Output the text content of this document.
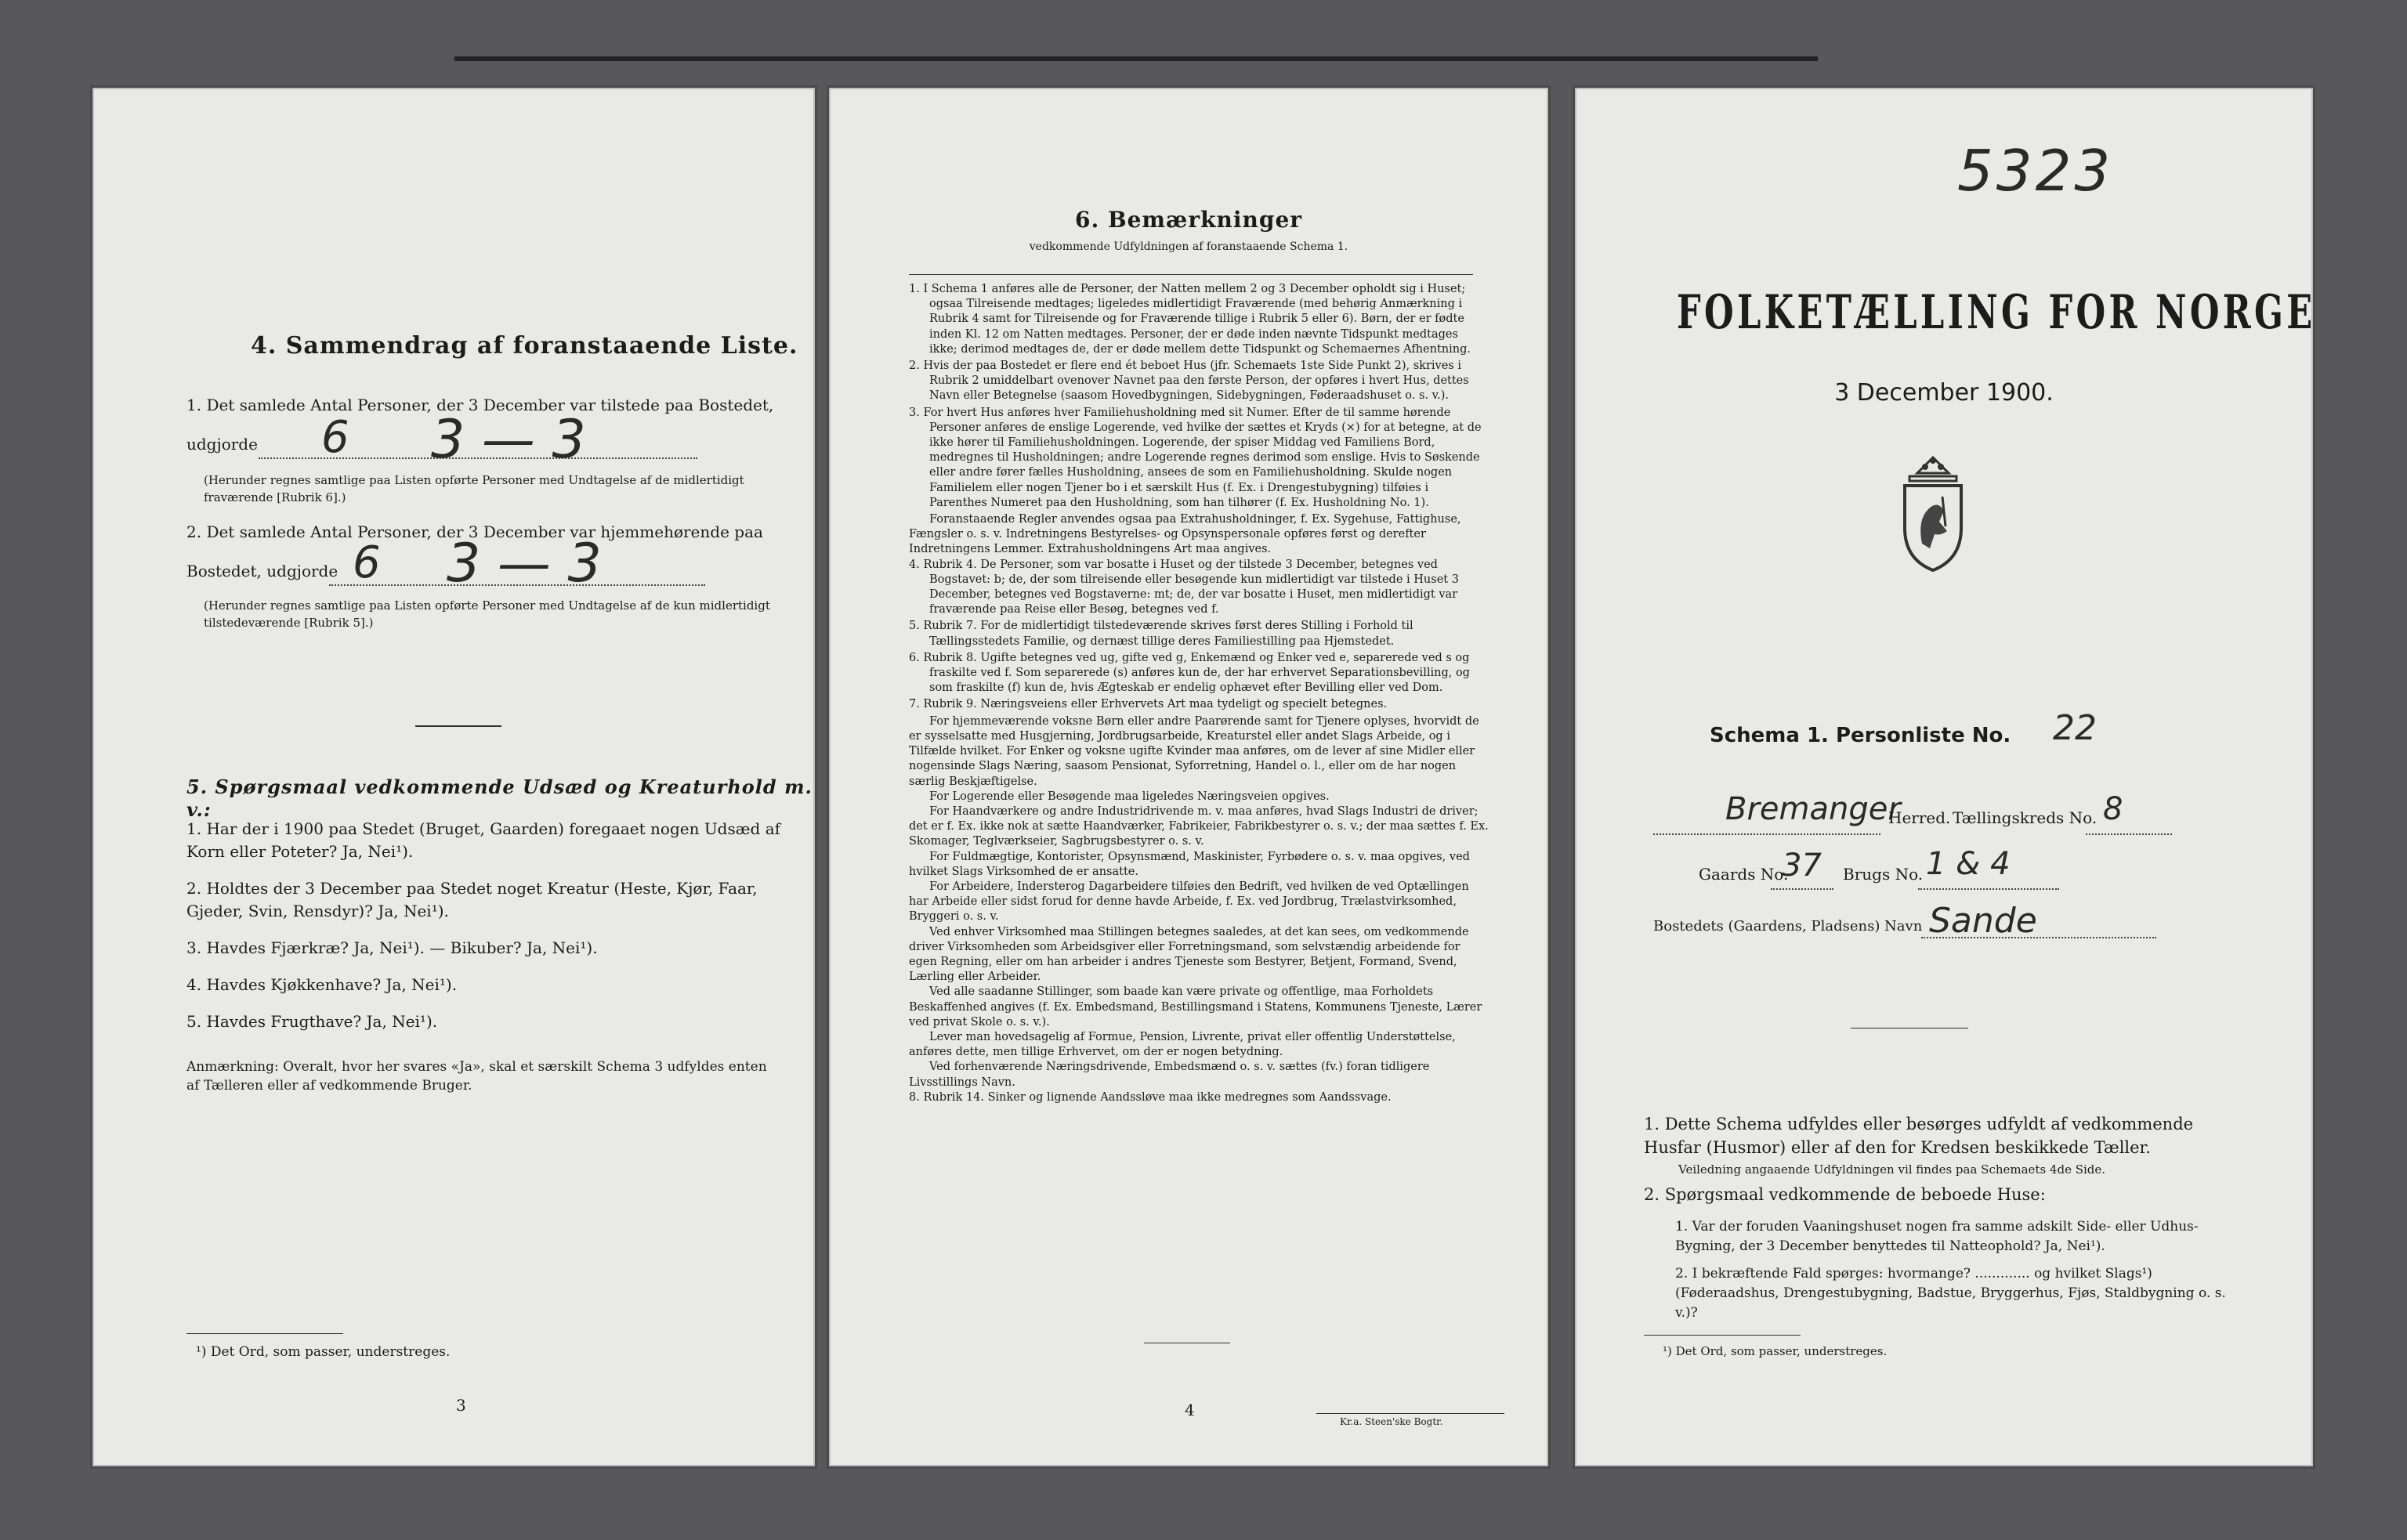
4. Sammendrag af foranstaaende Liste.
1. Det samlede Antal Personer, der 3 December var tilstede paa Bostedet,
udgjorde 6 3 — 3
(Herunder regnes samtlige paa Listen opførte Personer med Undtagelse af de midlertidigt fraværende [Rubrik 6].)
2. Det samlede Antal Personer, der 3 December var hjemmehørende paa
Bostedet, udgjorde 6 3 — 3
(Herunder regnes samtlige paa Listen opførte Personer med Undtagelse af de kun midlertidigt tilstedeværende [Rubrik 5].)
5. Spørgsmaal vedkommende Udsæd og Kreaturhold m. v.:
1. Har der i 1900 paa Stedet (Bruget, Gaarden) foregaaet nogen Udsæd af Korn eller Poteter? Ja, Nei¹).
2. Holdtes der 3 December paa Stedet noget Kreatur (Heste, Kjør, Faar, Gjeder, Svin, Rensdyr)? Ja, Nei¹).
3. Havdes Fjærkræ? Ja, Nei¹). — Bikuber? Ja, Nei¹).
4. Havdes Kjøkkenhave? Ja, Nei¹).
5. Havdes Frugthave? Ja, Nei¹).
Anmærkning: Overalt, hvor her svares «Ja», skal et særskilt Schema 3 udfyldes enten af Tælleren eller af vedkommende Bruger.
¹) Det Ord, som passer, understreges.
3
6. Bemærkninger
vedkommende Udfyldningen af foranstaaende Schema 1.
1. I Schema 1 anføres alle de Personer, der Natten mellem 2 og 3 December opholdt sig i Huset; ogsaa Tilreisende medtages; ligeledes midlertidigt Fraværende (med behørig Anmærkning i Rubrik 4 samt for Tilreisende og for Fraværende tillige i Rubrik 5 eller 6). Børn, der er fødte inden Kl. 12 om Natten medtages. Personer, der er døde inden nævnte Tidspunkt medtages ikke; derimod medtages de, der er døde mellem dette Tidspunkt og Schemaernes Afhentning.
2. Hvis der paa Bostedet er flere end ét beboet Hus (jfr. Schemaets 1ste Side Punkt 2), skrives i Rubrik 2 umiddelbart ovenover Navnet paa den første Person, der opføres i hvert Hus, dettes Navn eller Betegnelse (saasom Hovedbygningen, Sidebygningen, Føderaadshuset o. s. v.).
3. For hvert Hus anføres hver Familiehusholdning med sit Numer. Efter de til samme hørende Personer anføres de enslige Logerende, ved hvilke der sættes et Kryds (×) for at betegne, at de ikke hører til Familiehusholdningen. Logerende, der spiser Middag ved Familiens Bord, medregnes til Husholdningen; andre Logerende regnes derimod som enslige. Hvis to Søskende eller andre fører fælles Husholdning, ansees de som en Familiehusholdning. Skulde nogen Familielem eller nogen Tjener bo i et særskilt Hus (f. Ex. i Drengestubygning) tilføies i Parenthes Numeret paa den Husholdning, som han tilhører (f. Ex. Husholdning No. 1).
Foranstaaende Regler anvendes ogsaa paa Extrahusholdninger, f. Ex. Sygehuse, Fattighuse, Fængsler o. s. v. Indretningens Bestyrelses- og Opsynspersonale opføres først og derefter Indretningens Lemmer. Extrahusholdningens Art maa angives.
4. Rubrik 4. De Personer, som var bosatte i Huset og der tilstede 3 December, betegnes ved Bogstavet: b; de, der som tilreisende eller besøgende kun midlertidigt var tilstede i Huset 3 December, betegnes ved Bogstaverne: mt; de, der var bosatte i Huset, men midlertidigt var fraværende paa Reise eller Besøg, betegnes ved f.
5. Rubrik 7. For de midlertidigt tilstedeværende skrives først deres Stilling i Forhold til Tællingsstedets Familie, og dernæst tillige deres Familiestilling paa Hjemstedet.
6. Rubrik 8. Ugifte betegnes ved ug, gifte ved g, Enkemænd og Enker ved e, separerede ved s og fraskilte ved f. Som separerede (s) anføres kun de, der har erhvervet Separationsbevilling, og som fraskilte (f) kun de, hvis Ægteskab er endelig ophævet efter Bevilling eller ved Dom.
7. Rubrik 9. Næringsveiens eller Erhvervets Art maa tydeligt og specielt betegnes.
For hjemmeværende voksne Børn eller andre Paarørende samt for Tjenere oplyses, hvorvidt de er sysselsatte med Husgjerning, Jordbrugsarbeide, Kreaturstel eller andet Slags Arbeide, og i Tilfælde hvilket. For Enker og voksne ugifte Kvinder maa anføres, om de lever af sine Midler eller nogensinde Slags Næring, saasom Pensionat, Syforretning, Handel o. l., eller om de har nogen særlig Beskjæftigelse.
For Logerende eller Besøgende maa ligeledes Næringsveien opgives.
For Haandværkere og andre Industridrivende m. v. maa anføres, hvad Slags Industri de driver; det er f. Ex. ikke nok at sætte Haandværker, Fabrikeier, Fabrikbestyrer o. s. v.; der maa sættes f. Ex. Skomager, Teglværkseier, Sagbrugsbestyrer o. s. v.
For Fuldmægtige, Kontorister, Opsynsmænd, Maskinister, Fyrbødere o. s. v. maa opgives, ved hvilket Slags Virksomhed de er ansatte.
For Arbeidere, Indersterog Dagarbeidere tilføies den Bedrift, ved hvilken de ved Optællingen har Arbeide eller sidst forud for denne havde Arbeide, f. Ex. ved Jordbrug, Trælastvirksomhed, Bryggeri o. s. v.
Ved enhver Virksomhed maa Stillingen betegnes saaledes, at det kan sees, om vedkommende driver Virksomheden som Arbeidsgiver eller Forretningsmand, som selvstændig arbeidende for egen Regning, eller om han arbeider i andres Tjeneste som Bestyrer, Betjent, Formand, Svend, Lærling eller Arbeider.
Ved alle saadanne Stillinger, som baade kan være private og offentlige, maa Forholdets Beskaffenhed angives (f. Ex. Embedsmand, Bestillingsmand i Statens, Kommunens Tjeneste, Lærer ved privat Skole o. s. v.).
Lever man hovedsagelig af Formue, Pension, Livrente, privat eller offentlig Understøttelse, anføres dette, men tillige Erhvervet, om der er nogen betydning.
Ved forhenværende Næringsdrivende, Embedsmænd o. s. v. sættes (fv.) foran tidligere Livsstillings Navn.
8. Rubrik 14. Sinker og lignende Aandssløve maa ikke medregnes som Aandssvage.
4
Kr.a. Steen'ske Bogtr.
5323
FOLKETÆLLING FOR NORGE
3 December 1900.
Schema 1. Personliste No. 22
Bremanger
Herred. Tællingskreds No. 8
Gaards No.
37 Brugs No. 1 & 4
Bostedets (Gaardens, Pladsens) Navn Sande
1. Dette Schema udfyldes eller besørges udfyldt af vedkommende Husfar (Husmor) eller af den for Kredsen beskikkede Tæller.
Veiledning angaaende Udfyldningen vil findes paa Schemaets 4de Side.
2. Spørgsmaal vedkommende de beboede Huse:
1. Var der foruden Vaaningshuset nogen fra samme adskilt Side- eller Udhus-Bygning, der 3 December benyttedes til Natteophold? Ja, Nei¹).
2. I bekræftende Fald spørges: hvormange? ............. og hvilket Slags¹) (Føderaadshus, Drengestubygning, Badstue, Bryggerhus, Fjøs, Staldbygning o. s. v.)?
¹) Det Ord, som passer, understreges.
